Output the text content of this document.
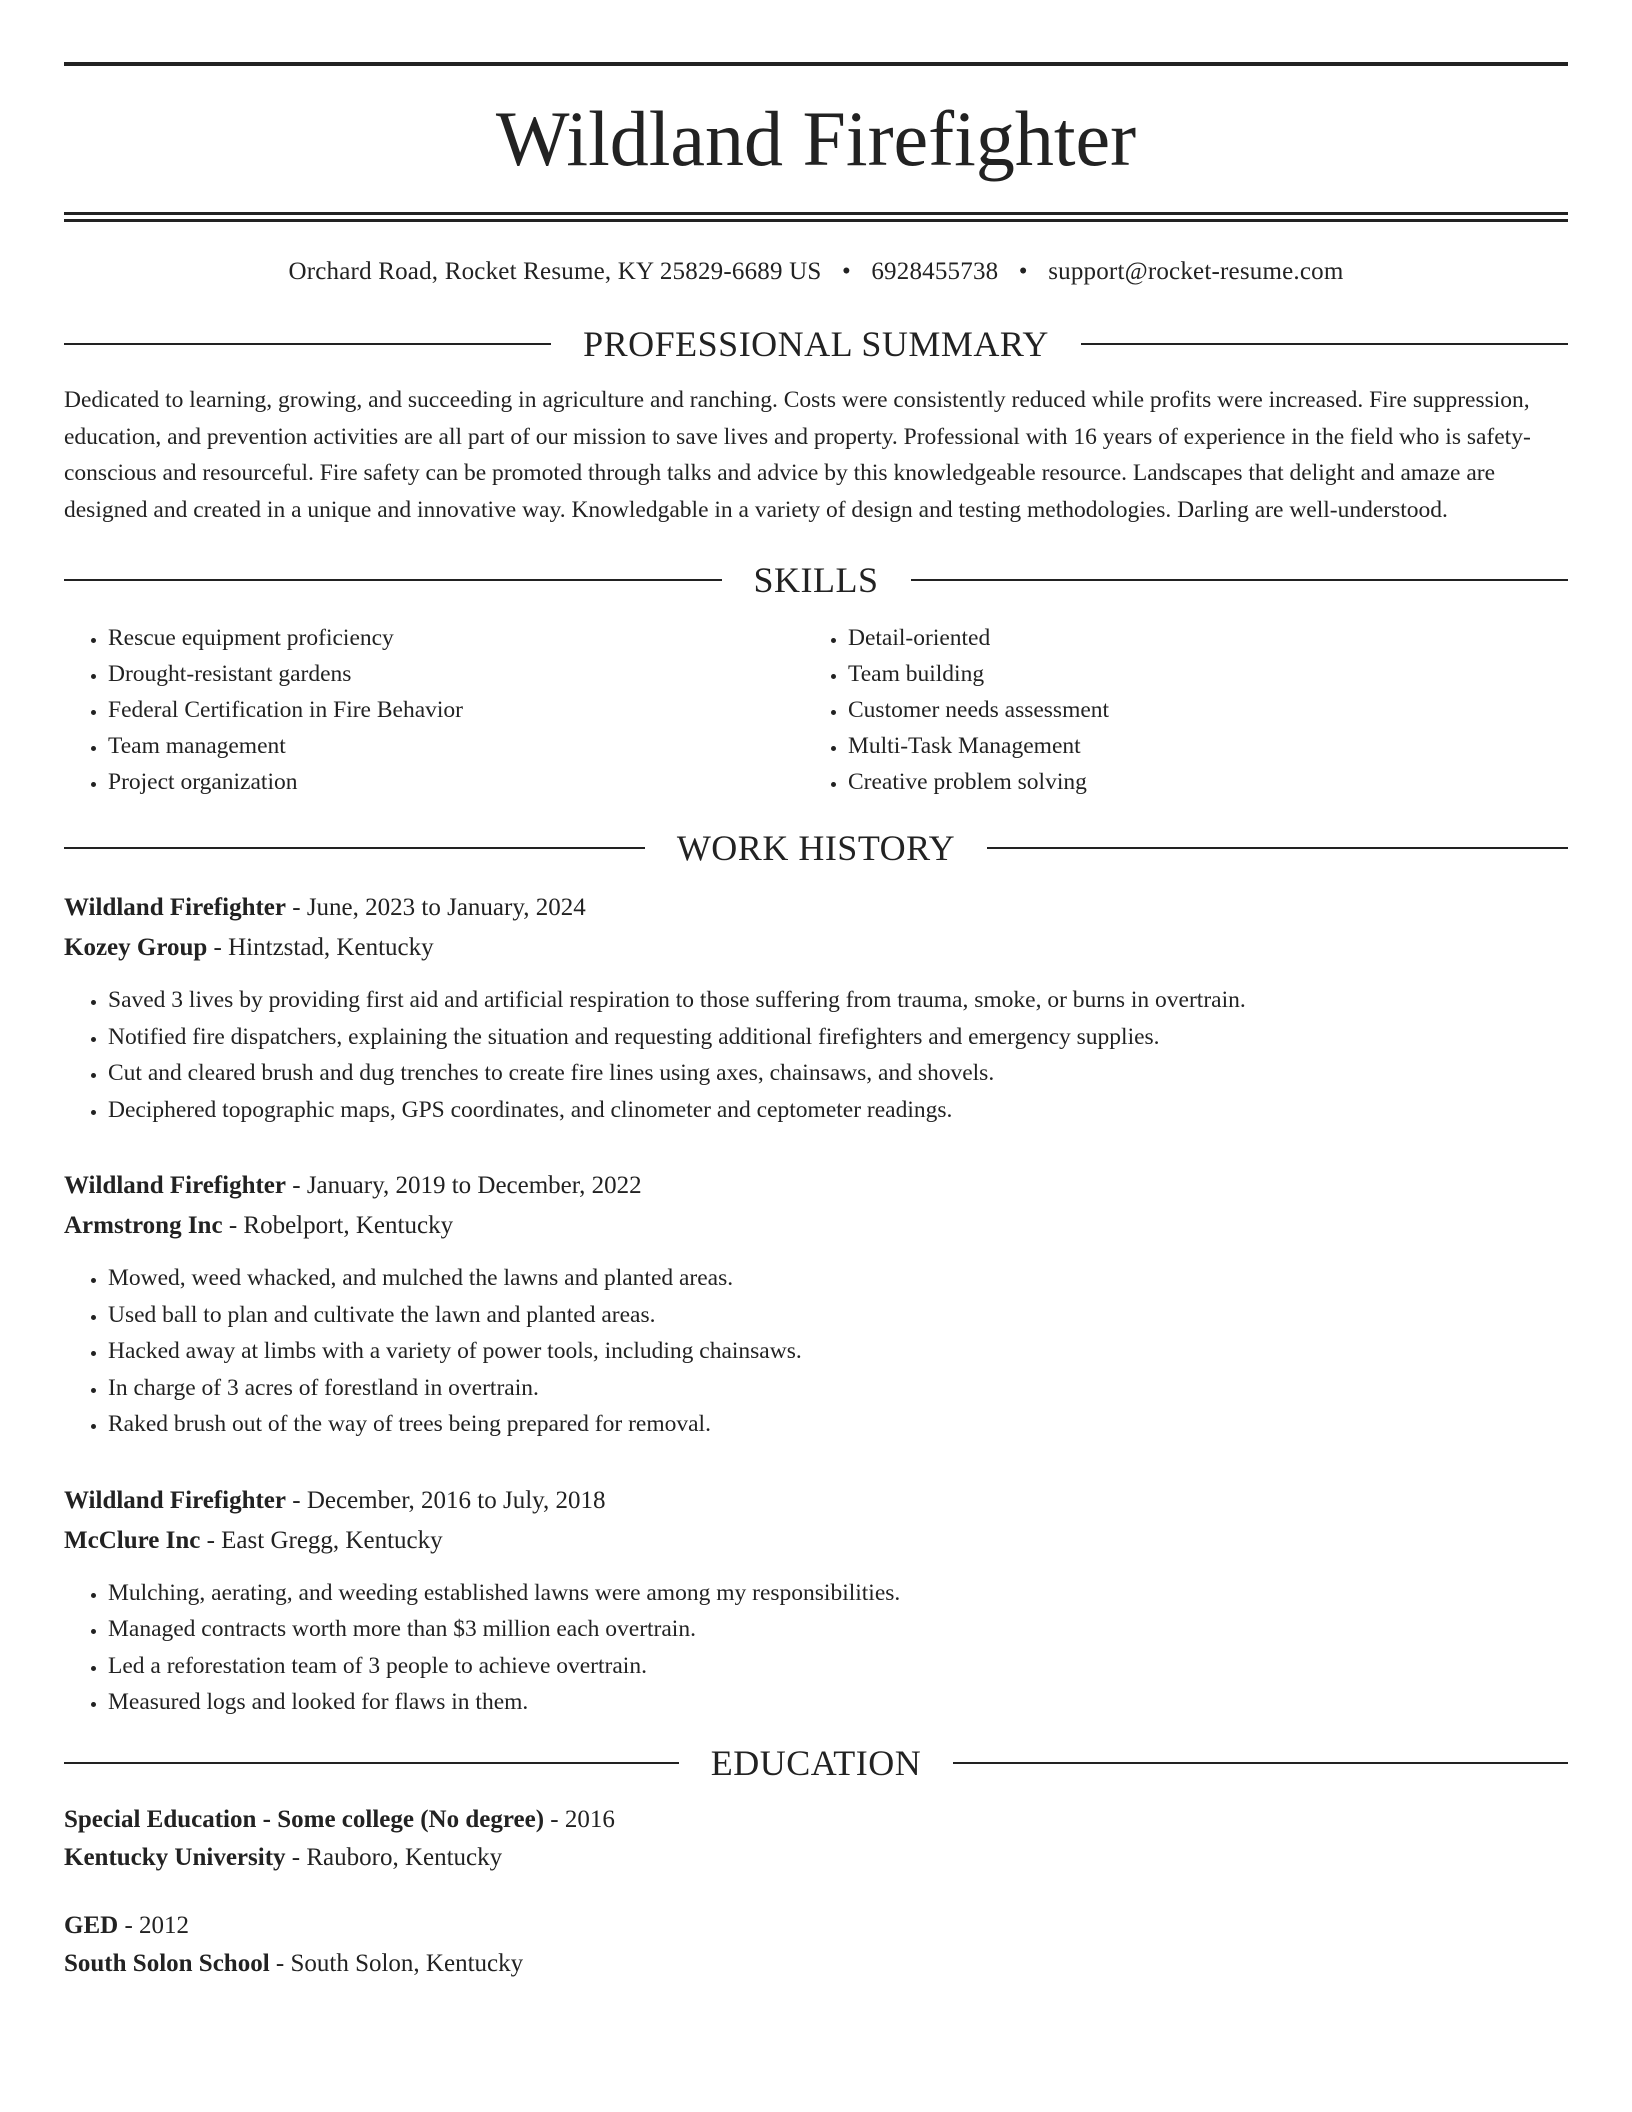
Wildland Firefighter
Orchard Road, Rocket Resume, KY 25829-6689 US • 6928455738 • support@rocket-resume.com
PROFESSIONAL SUMMARY

Dedicated to learning, growing, and succeeding in agriculture and ranching. Costs were consistently reduced while profits were increased. Fire suppression, education, and prevention activities are all part of our mission to save lives and property. Professional with 16 years of experience in the field who is safety-conscious and resourceful. Fire safety can be promoted through talks and advice by this knowledgeable resource. Landscapes that delight and amaze are designed and created in a unique and innovative way. Knowledgable in a variety of design and testing methodologies. Darling are well-understood.

SKILLS
• Rescue equipment proficiency
• Drought-resistant gardens
• Federal Certification in Fire Behavior
• Team management
• Project organization
• Detail-oriented
• Team building
• Customer needs assessment
• Multi-Task Management
• Creative problem solving
WORK HISTORY
Wildland Firefighter - June, 2023 to January, 2024
Kozey Group - Hintzstad, Kentucky
• Saved 3 lives by providing first aid and artificial respiration to those suffering from trauma, smoke, or burns in overtrain.
• Notified fire dispatchers, explaining the situation and requesting additional firefighters and emergency supplies.
• Cut and cleared brush and dug trenches to create fire lines using axes, chainsaws, and shovels.
• Deciphered topographic maps, GPS coordinates, and clinometer and ceptometer readings.
Wildland Firefighter - January, 2019 to December, 2022
Armstrong Inc - Robelport, Kentucky
• Mowed, weed whacked, and mulched the lawns and planted areas.
• Used ball to plan and cultivate the lawn and planted areas.
• Hacked away at limbs with a variety of power tools, including chainsaws.
• In charge of 3 acres of forestland in overtrain.
• Raked brush out of the way of trees being prepared for removal.
Wildland Firefighter - December, 2016 to July, 2018
McClure Inc - East Gregg, Kentucky
• Mulching, aerating, and weeding established lawns were among my responsibilities.
• Managed contracts worth more than $3 million each overtrain.
• Led a reforestation team of 3 people to achieve overtrain.
• Measured logs and looked for flaws in them.
EDUCATION
Special Education - Some college (No degree) - 2016
Kentucky University - Rauboro, Kentucky
GED - 2012
South Solon School - South Solon, Kentucky
